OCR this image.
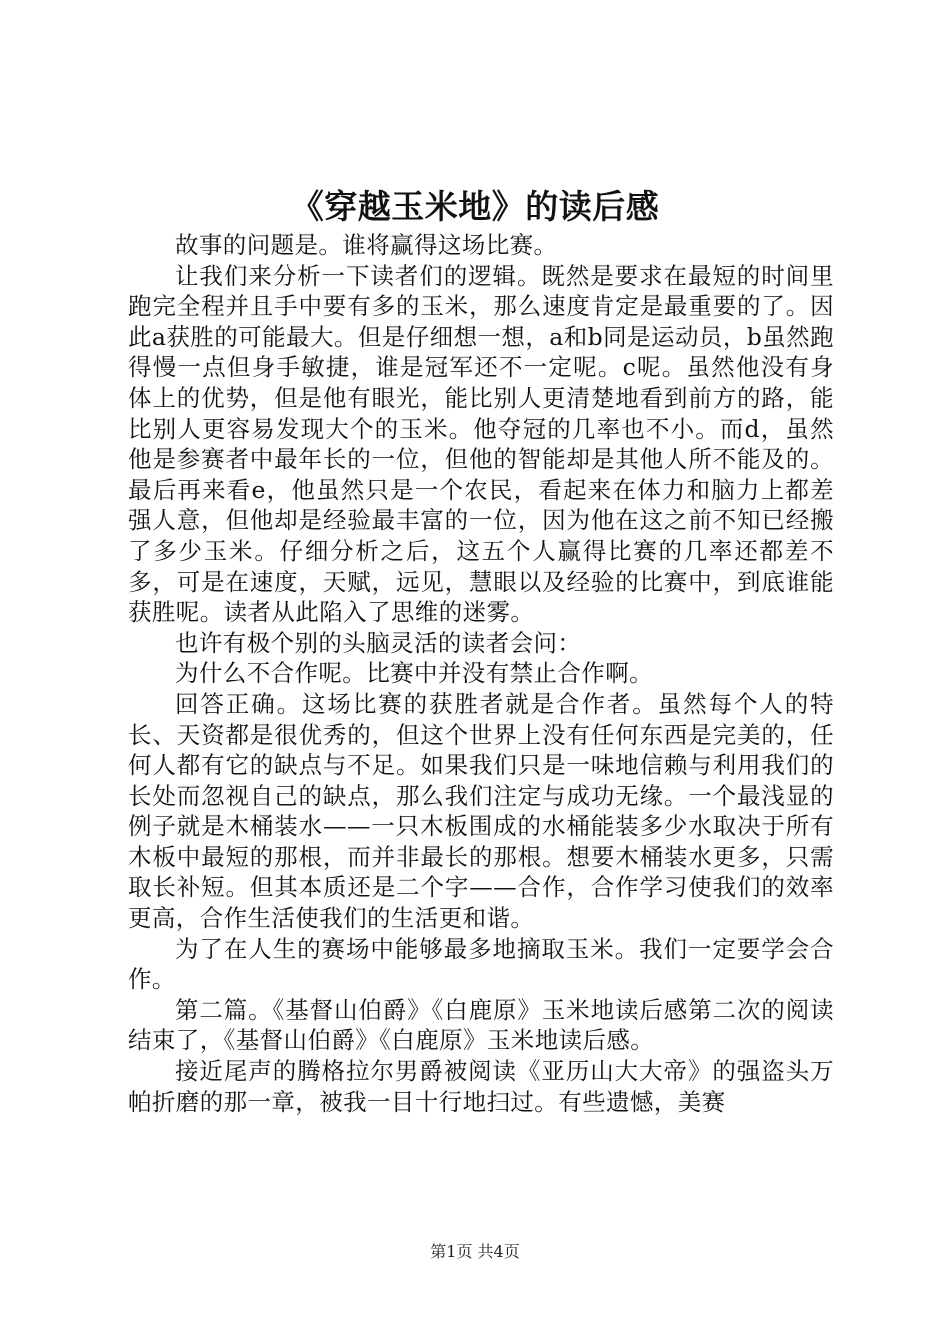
《穿越玉米地》的读后感

故事的问题是。谁将赢得这场比赛。

让我们来分析一下读者们的逻辑。既然是要求在最短的时间里跑完全程并且手中要有多的玉米，那么速度肯定是最重要的了。因此a获胜的可能最大。但是仔细想一想，a和b同是运动员，b虽然跑得慢一点但身手敏捷，谁是冠军还不一定呢。c呢。虽然他没有身体上的优势，但是他有眼光，能比别人更清楚地看到前方的路，能比别人更容易发现大个的玉米。他夺冠的几率也不小。而d，虽然他是参赛者中最年长的一位，但他的智能却是其他人所不能及的。最后再来看e，他虽然只是一个农民，看起来在体力和脑力上都差强人意，但他却是经验最丰富的一位，因为他在这之前不知已经搬了多少玉米。仔细分析之后，这五个人赢得比赛的几率还都差不多，可是在速度，天赋，远见，慧眼以及经验的比赛中，到底谁能获胜呢。读者从此陷入了思维的迷雾。

也许有极个别的头脑灵活的读者会问：

为什么不合作呢。比赛中并没有禁止合作啊。

回答正确。这场比赛的获胜者就是合作者。虽然每个人的特长、天资都是很优秀的，但这个世界上没有任何东西是完美的，任何人都有它的缺点与不足。如果我们只是一味地信赖与利用我们的长处而忽视自己的缺点，那么我们注定与成功无缘。一个最浅显的例子就是木桶装水——一只木板围成的水桶能装多少水取决于所有木板中最短的那根，而并非最长的那根。想要木桶装水更多，只需取长补短。但其本质还是二个字——合作，合作学习使我们的效率更高，合作生活使我们的生活更和谐。

为了在人生的赛场中能够最多地摘取玉米。我们一定要学会合作。

第二篇。《基督山伯爵》《白鹿原》玉米地读后感第二次的阅读结束了，《基督山伯爵》《白鹿原》玉米地读后感。

接近尾声的腾格拉尔男爵被阅读《亚历山大大帝》的强盗头万帕折磨的那一章，被我一目十行地扫过。有些遗憾，美赛

第1页 共4页
